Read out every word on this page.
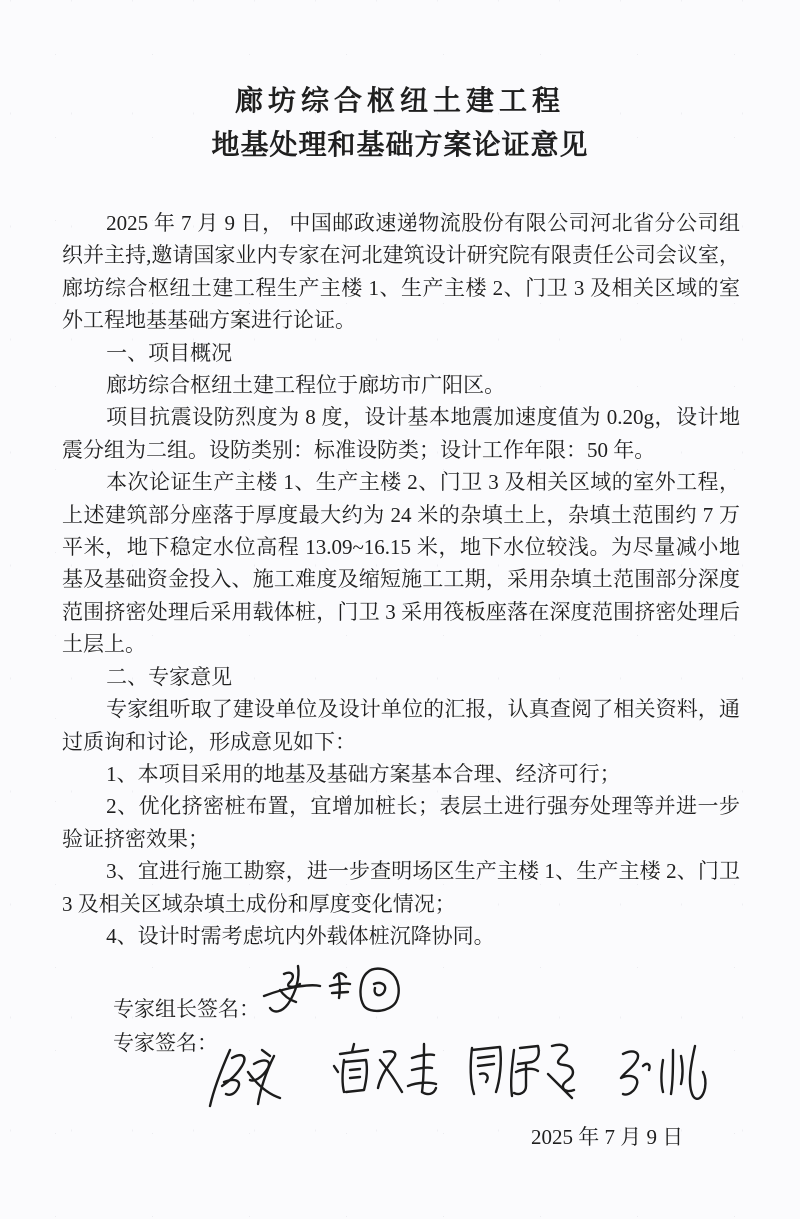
廊坊综合枢纽土建工程
地基处理和基础方案论证意见

2025 年 7 月 9 日， 中国邮政速递物流股份有限公司河北省分公司组织并主持,邀请国家业内专家在河北建筑设计研究院有限责任公司会议室， 廊坊综合枢纽土建工程生产主楼 1、生产主楼 2、门卫 3 及相关区域的室外工程地基基础方案进行论证。

一、项目概况

廊坊综合枢纽土建工程位于廊坊市广阳区。

项目抗震设防烈度为 8 度，设计基本地震加速度值为 0.20g，设计地震分组为二组。设防类别：标准设防类；设计工作年限：50 年。

本次论证生产主楼 1、生产主楼 2、门卫 3 及相关区域的室外工程，上述建筑部分座落于厚度最大约为 24 米的杂填土上，杂填土范围约 7 万平米，地下稳定水位高程 13.09~16.15 米，地下水位较浅。为尽量减小地基及基础资金投入、施工难度及缩短施工工期，采用杂填土范围部分深度范围挤密处理后采用载体桩，门卫 3 采用筏板座落在深度范围挤密处理后土层上。

二、专家意见

专家组听取了建设单位及设计单位的汇报，认真查阅了相关资料，通过质询和讨论，形成意见如下：

1、本项目采用的地基及基础方案基本合理、经济可行；

2、优化挤密桩布置，宜增加桩长；表层土进行强夯处理等并进一步验证挤密效果；

3、宜进行施工勘察，进一步查明场区生产主楼 1、生产主楼 2、门卫 3 及相关区域杂填土成份和厚度变化情况；

4、设计时需考虑坑内外载体桩沉降协同。

专家组长签名：
专家签名：
2025 年 7 月 9 日
